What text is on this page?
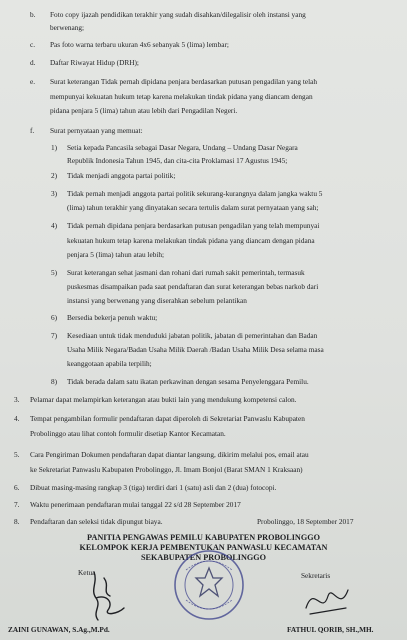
b. Foto copy ijazah pendidikan terakhir yang sudah disahkan/dilegalisir oleh instansi yang
berwenang;
c. Pas foto warna terbaru ukuran 4x6 sebanyak 5 (lima) lembar;
d. Daftar Riwayat Hidup (DRH);
e. Surat keterangan Tidak pernah dipidana penjara berdasarkan putusan pengadilan yang telah
mempunyai kekuatan hukum tetap karena melakukan tindak pidana yang diancam dengan
pidana penjara 5 (lima) tahun atau lebih dari Pengadilan Negeri.
f. Surat pernyataan yang memuat:
1) Setia kepada Pancasila sebagai Dasar Negara, Undang – Undang Dasar Negara
Republik Indonesia Tahun 1945, dan cita-cita Proklamasi 17 Agustus 1945;
2) Tidak menjadi anggota partai politik;
3) Tidak pernah menjadi anggota partai politik sekurang-kurangnya dalam jangka waktu 5
(lima) tahun terakhir yang dinyatakan secara tertulis dalam surat pernyataan yang sah;
4) Tidak pernah dipidana penjara berdasarkan putusan pengadilan yang telah mempunyai
kekuatan hukum tetap karena melakukan tindak pidana yang diancam dengan pidana
penjara 5 (lima) tahun atau lebih;
5) Surat keterangan sehat jasmani dan rohani dari rumah sakit pemerintah, termasuk
puskesmas disampaikan pada saat pendaftaran dan surat keterangan bebas narkob dari
instansi yang berwenang yang diserahkan sebelum pelantikan
6) Bersedia bekerja penuh waktu;
7) Kesediaan untuk tidak menduduki jabatan politik, jabatan di pemerintahan dan Badan
Usaha Milik Negara/Badan Usaha Milik Daerah /Badan Usaha Milik Desa selama masa
keanggotaan apabila terpilih;
8) Tidak berada dalam satu ikatan perkawinan dengan sesama Penyelenggara Pemilu.
3. Pelamar dapat melampirkan keterangan atau bukti lain yang mendukung kompetensi calon.
4. Tempat pengambilan formulir pendaftaran dapat diperoleh di Sekretariat Panwaslu Kabupaten
Probolinggo atau lihat contoh formulir disetiap Kantor Kecamatan.
5. Cara Pengiriman Dokumen pendaftaran dapat diantar langsung, dikirim melalui pos, email atau
ke Sekretariat Panwaslu Kabupaten Probolinggo, Jl. Imam Bonjol (Barat SMAN 1 Kraksaan)
6. Dibuat masing-masing rangkap 3 (tiga) terdiri dari 1 (satu) asli dan 2 (dua) fotocopi.
7. Waktu penerimaan pendaftaran mulai tanggal 22 s/d 28 September 2017
8. Pendaftaran dan seleksi tidak dipungut biaya.	Probolinggo, 18 September 2017
PANITIA PENGAWAS PEMILU KABUPATEN PROBOLINGGO
KELOMPOK KERJA PEMBENTUKAN PANWASLU KECAMATAN
SEKABUPATEN PROBOLINGGO
Ketua
ZAINI GUNAWAN, S.Ag.,M.Pd.
Sekretaris
FATHUL QORIB, SH.,MH.
